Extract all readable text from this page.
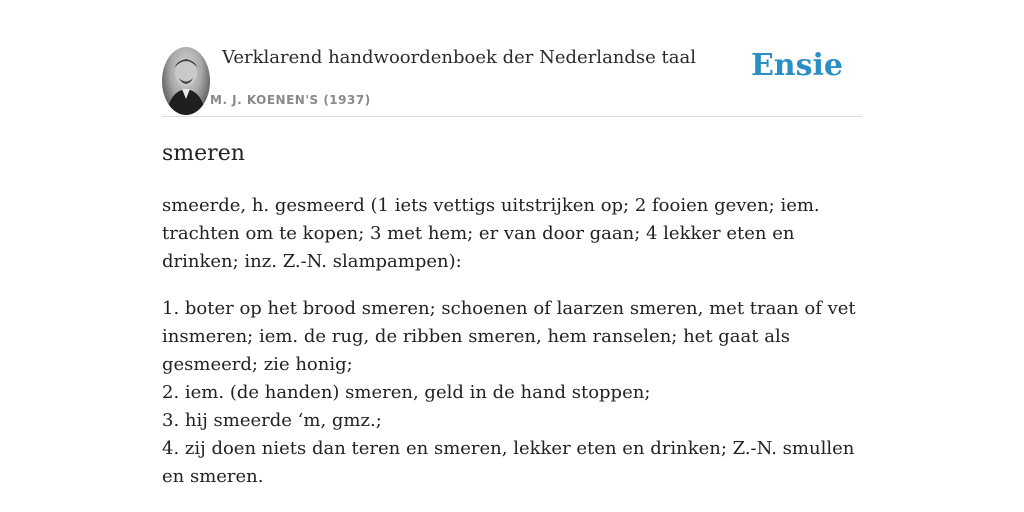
Verklarend handwoordenboek der Nederlandse taal
M. J. KOENEN'S (1937)
Ensie
smeren

smeerde, h. gesmeerd (1 iets vettigs uitstrijken op; 2 fooien geven; iem. trachten om te kopen; 3 met hem; er van door gaan; 4 lekker eten en drinken; inz. Z.-N. slampampen):

1. boter op het brood smeren; schoenen of laarzen smeren, met traan of vet insmeren; iem. de rug, de ribben smeren, hem ranselen; het gaat als gesmeerd; zie honig;
2. iem. (de handen) smeren, geld in de hand stoppen;
3. hij smeerde ‘m, gmz.;
4. zij doen niets dan teren en smeren, lekker eten en drinken; Z.-N. smullen en smeren.
